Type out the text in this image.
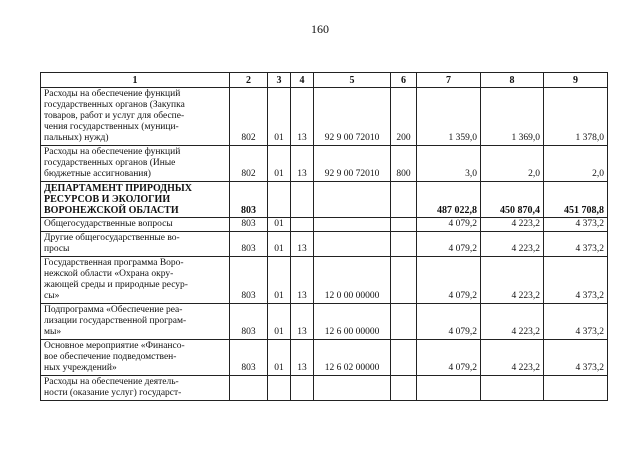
160
1	2	3	4	5	6	7	8	9
Расходы на обеспечение функций
государственных органов (Закупка
товаров, работ и услуг для обеспе-
чения государственных (муници-
пальных) нужд)	802	01	13	92 9 00 72010	200	1 359,0	1 369,0	1 378,0
Расходы на обеспечение функций
государственных органов (Иные
бюджетные ассигнования)	802	01	13	92 9 00 72010	800	3,0	2,0	2,0
ДЕПАРТАМЕНТ ПРИРОДНЫХ
РЕСУРСОВ И ЭКОЛОГИИ
ВОРОНЕЖСКОЙ ОБЛАСТИ	803					487 022,8	450 870,4	451 708,8
Общегосударственные вопросы	803	01				4 079,2	4 223,2	4 373,2
Другие общегосударственные во-
просы	803	01	13			4 079,2	4 223,2	4 373,2
Государственная программа Воро-
нежской области «Охрана окру-
жающей среды и природные ресур-
сы»	803	01	13	12 0 00 00000		4 079,2	4 223,2	4 373,2
Подпрограмма «Обеспечение реа-
лизации государственной програм-
мы»	803	01	13	12 6 00 00000		4 079,2	4 223,2	4 373,2
Основное мероприятие «Финансо-
вое обеспечение подведомствен-
ных учреждений»	803	01	13	12 6 02 00000		4 079,2	4 223,2	4 373,2
Расходы на обеспечение деятель-
ности (оказание услуг) государст-								
